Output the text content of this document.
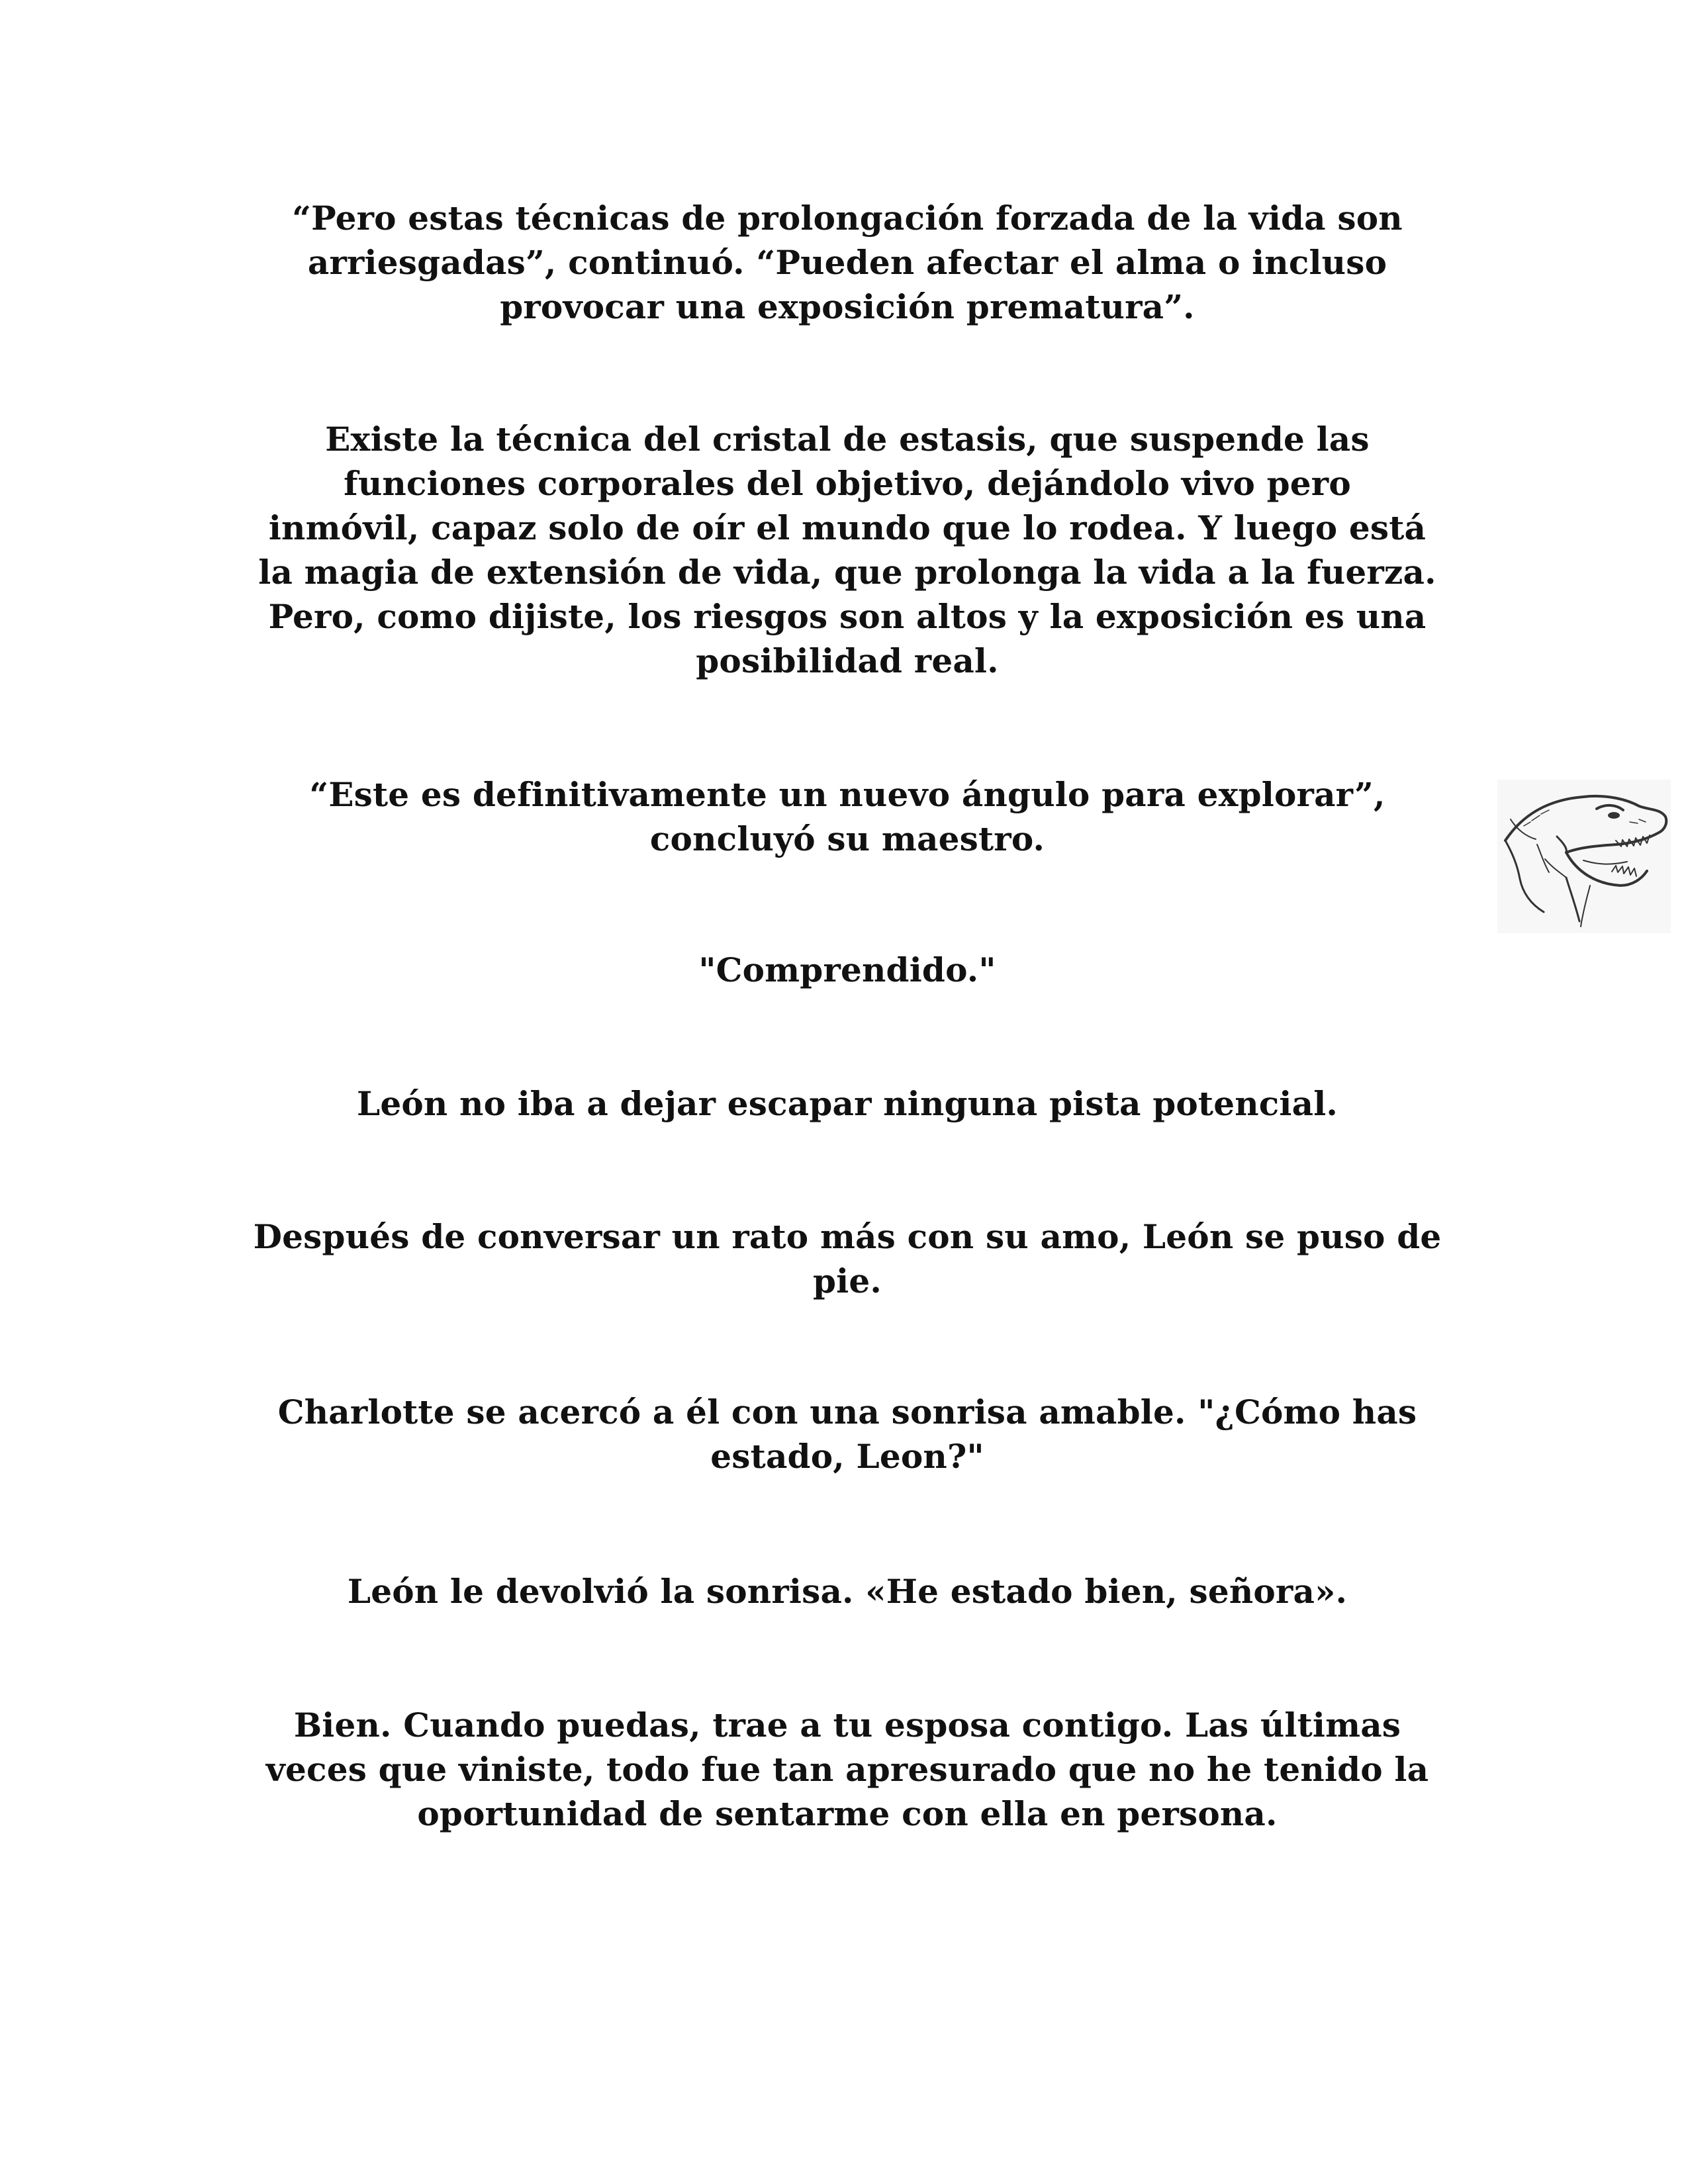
“Pero estas técnicas de prolongación forzada de la vida son
arriesgadas”, continuó. “Pueden afectar el alma o incluso
provocar una exposición prematura”.

Existe la técnica del cristal de estasis, que suspende las
funciones corporales del objetivo, dejándolo vivo pero
inmóvil, capaz solo de oír el mundo que lo rodea. Y luego está
la magia de extensión de vida, que prolonga la vida a la fuerza.
Pero, como dijiste, los riesgos son altos y la exposición es una
posibilidad real.

“Este es definitivamente un nuevo ángulo para explorar”,
concluyó su maestro.

"Comprendido."

León no iba a dejar escapar ninguna pista potencial.

Después de conversar un rato más con su amo, León se puso de
pie.

Charlotte se acercó a él con una sonrisa amable. "¿Cómo has
estado, Leon?"

León le devolvió la sonrisa. «He estado bien, señora».

Bien. Cuando puedas, trae a tu esposa contigo. Las últimas
veces que viniste, todo fue tan apresurado que no he tenido la
oportunidad de sentarme con ella en persona.
